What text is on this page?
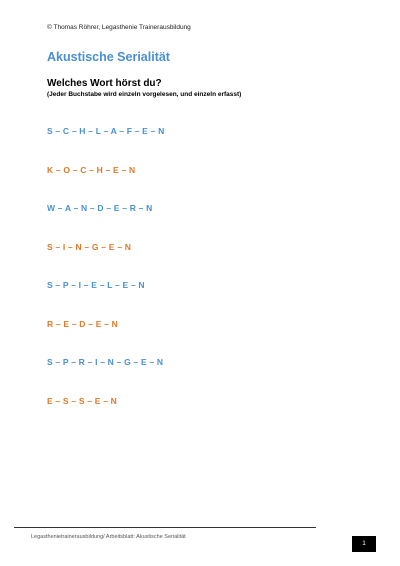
© Thomas Röhrer, Legasthenie Trainerausbildung
Akustische Serialität

Welches Wort hörst du?

(Jeder Buchstabe wird einzeln vorgelesen, und einzeln erfasst)

S – C – H – L – A – F – E – N
K – O – C – H – E – N
W – A – N – D – E – R – N
S – I – N – G – E – N
S – P – I – E – L – E – N
R – E – D – E – N
S – P – R – I – N – G – E – N
E – S – S – E – N
Legasthenietrainerausbildung/ Arbeitsblatt: Akustische Serialität
1
